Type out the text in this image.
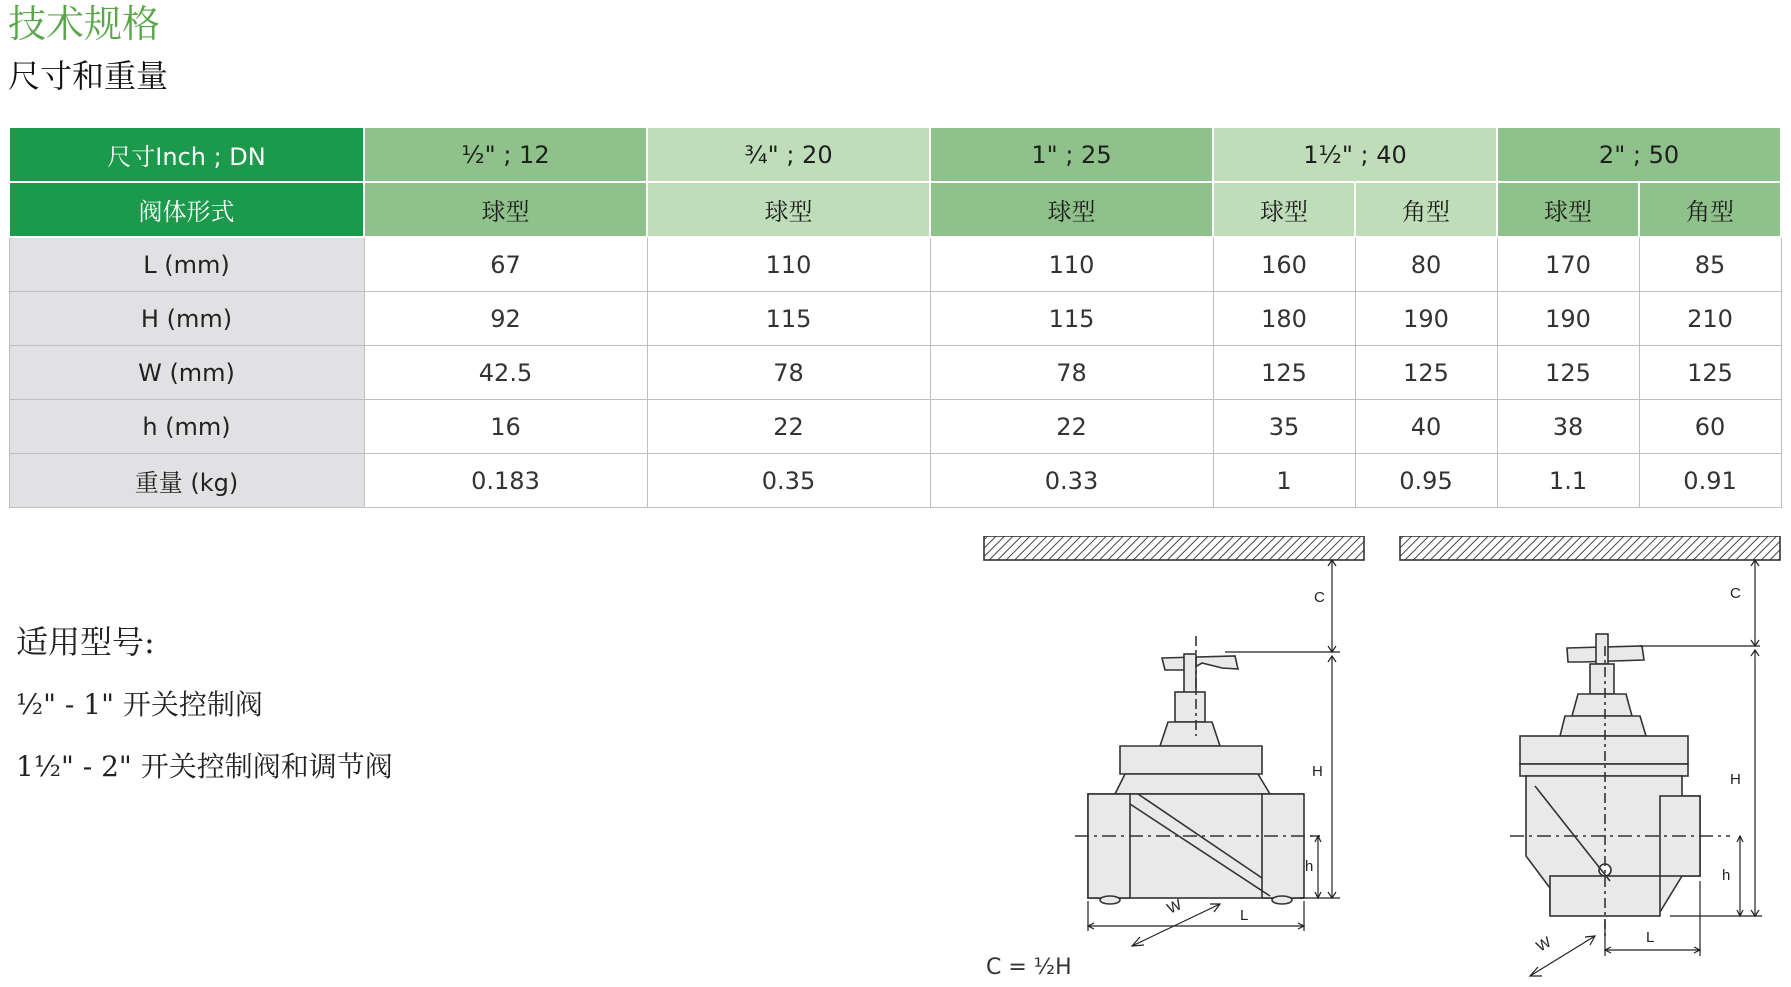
技术规格
尺寸和重量
尺寸Inch ; DN	½" ; 12	¾" ; 20	1" ; 25	1½" ; 40		2" ; 50	
阀体形式	球型	球型	球型	球型	角型	球型	角型
L (mm)	67	110	110	160	80	170	85
H (mm)	92	115	115	180	190	190	210
W (mm)	42.5	78	78	125	125	125	125
h (mm)	16	22	22	35	40	38	60
重量 (kg)	0.183	0.35	0.33	1	0.95	1.1	0.91
适用型号:
½" - 1" 开关控制阀
1½" - 2" 开关控制阀和调节阀
C
H
h
W	L
C
H
h
W	L
C = ½H
